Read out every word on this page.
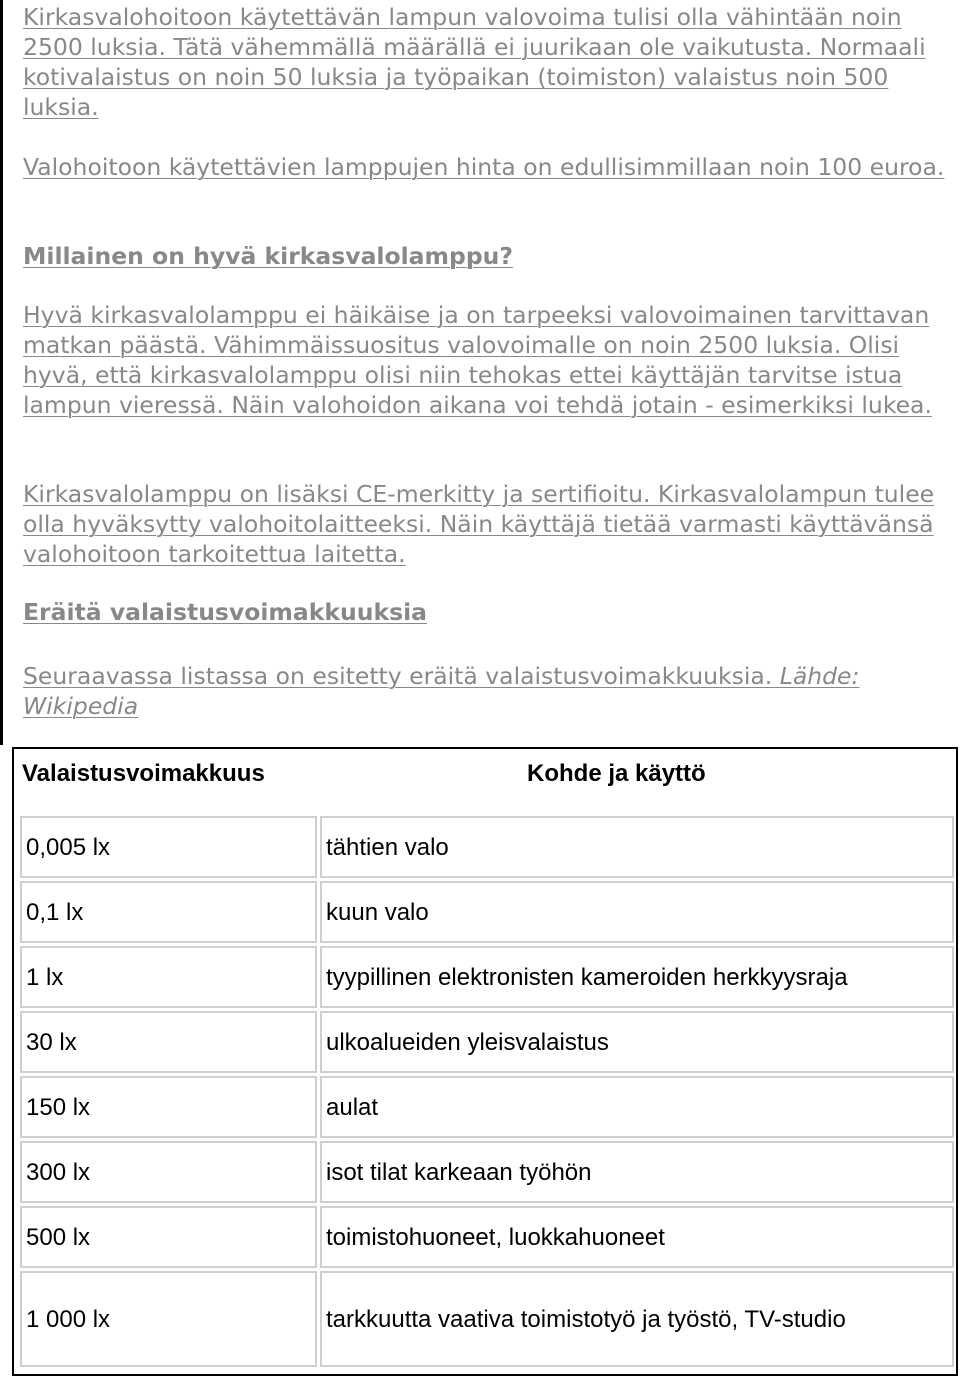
Kirkasvalohoitoon käytettävän lampun valovoima tulisi olla vähintään noin 2500 luksia. Tätä vähemmällä määrällä ei juurikaan ole vaikutusta. Normaali kotivalaistus on noin 50 luksia ja työpaikan (toimiston) valaistus noin 500 luksia.

Valohoitoon käytettävien lamppujen hinta on edullisimmillaan noin 100 euroa.

Millainen on hyvä kirkasvalolamppu?

Hyvä kirkasvalolamppu ei häikäise ja on tarpeeksi valovoimainen tarvittavan matkan päästä. Vähimmäissuositus valovoimalle on noin 2500 luksia. Olisi hyvä, että kirkasvalolamppu olisi niin tehokas ettei käyttäjän tarvitse istua lampun vieressä. Näin valohoidon aikana voi tehdä jotain - esimerkiksi lukea.

Kirkasvalolamppu on lisäksi CE-merkitty ja sertifioitu. Kirkasvalolampun tulee olla hyväksytty valohoitolaitteeksi. Näin käyttäjä tietää varmasti käyttävänsä valohoitoon tarkoitettua laitetta.

Eräitä valaistusvoimakkuuksia

Seuraavassa listassa on esitetty eräitä valaistusvoimakkuuksia. Lähde: Wikipedia

Valaistusvoimakkuus	Kohde ja käyttö
0,005 lx	tähtien valo
0,1 lx	kuun valo
1 lx	tyypillinen elektronisten kameroiden herkkyysraja
30 lx	ulkoalueiden yleisvalaistus
150 lx	aulat
300 lx	isot tilat karkeaan työhön
500 lx	toimistohuoneet, luokkahuoneet
1 000 lx	tarkkuutta vaativa toimistotyö ja työstö, TV-studio
